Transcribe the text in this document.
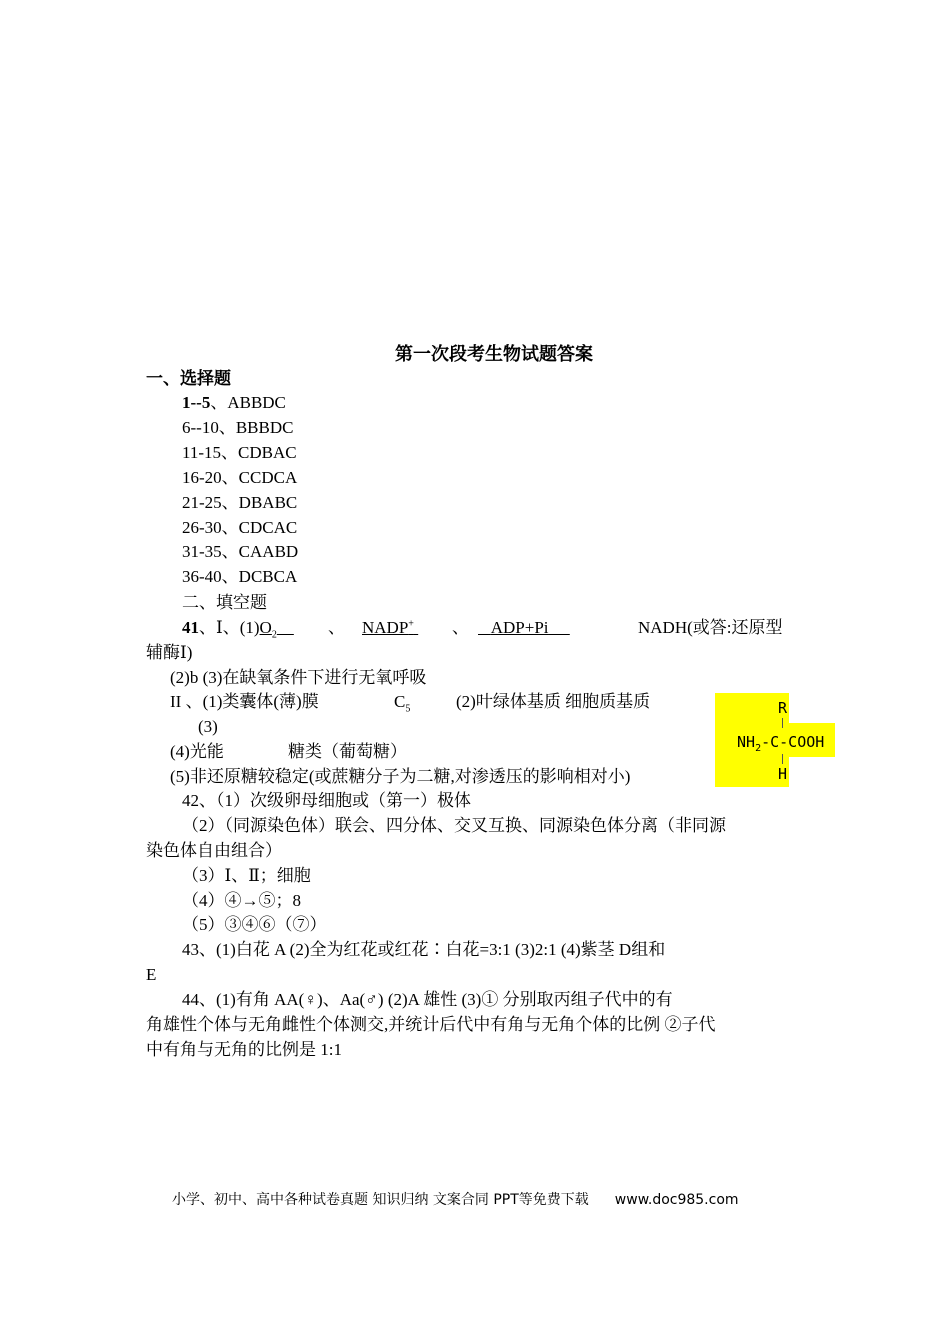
第一次段考生物试题答案
一、选择题
1--5、ABBDC
6--10、BBBDC
11-15、CDBAC
16-20、CCDCA
21-25、DBABC
26-30、CDCAC
31-35、CAABD
36-40、DCBCA
二、填空题
41、Ⅰ、$(1)O_2$	、 NADP+ 、	ADP+Pi	NADH(或答:还原型
辅酶Ⅰ)
(2)b (3)在缺氧条件下进行无氧呼吸
II 、(1)类囊体(薄)膜	$C_5$	(2)叶绿体基质 细胞质基质
(3)
(4)光能	糖类（葡萄糖）
(5)非还原糖较稳定(或蔗糖分子为二糖,对渗透压的影响相对小)
R
$NH_2-C$-COOH
H
42、（1）次级卵母细胞或（第一）极体
（2）（同源染色体）联会、四分体、交叉互换、同源染色体分离（非同源
染色体自由组合）
（3）Ⅰ、Ⅱ；细胞
（4）④→⑤；8
（5）③④⑥（⑦）
43、(1)白花 A (2)全为红花或红花∶白花=3:1 (3)2:1 (4)紫茎 D组和
E
44、(1)有角 AA(♀)、Aa(♂) (2)A 雄性 (3)① 分别取丙组子代中的有
角雄性个体与无角雌性个体测交,并统计后代中有角与无角个体的比例 ②子代
中有角与无角的比例是 1:1
小学、初中、高中各种试卷真题 知识归纳 文案合同 PPT等免费下载 www.doc985.com
